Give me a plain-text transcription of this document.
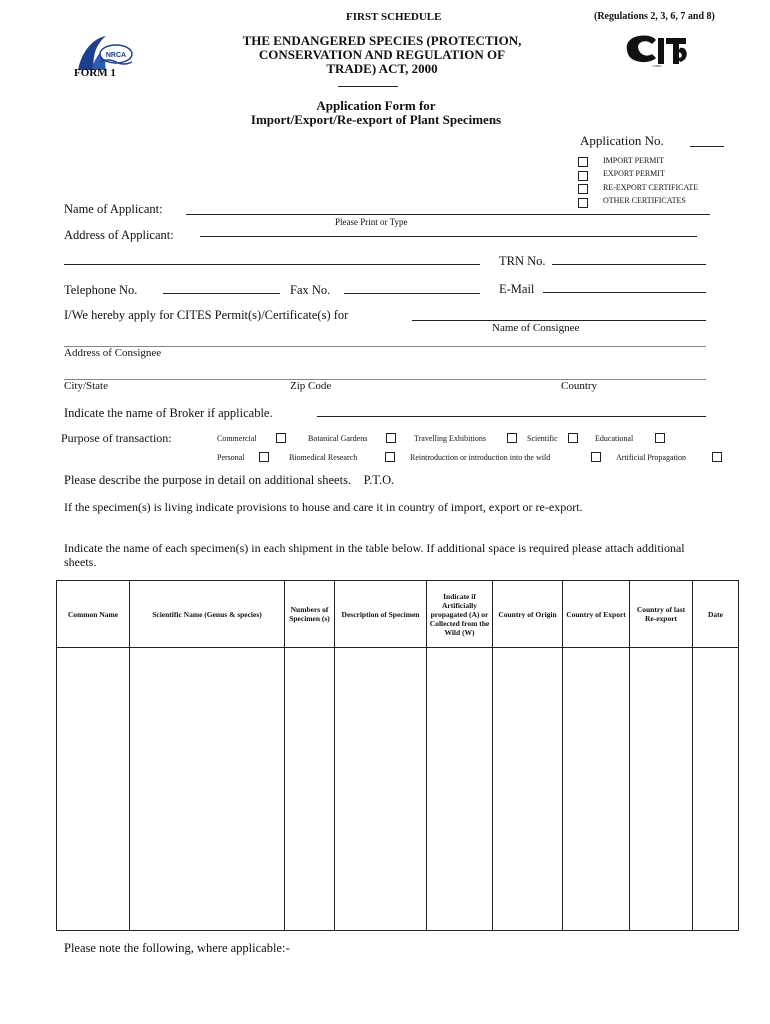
FIRST SCHEDULE	(Regulations 2, 3, 6, 7 and 8)
NRCA
FORM 1
THE ENDANGERED SPECIES (PROTECTION,
CONSERVATION AND REGULATION OF
TRADE) ACT, 2000	CITES
Application Form for
Import/Export/Re-export of Plant Specimens
Application No.
IMPORT PERMIT
EXPORT PERMIT
RE-EXPORT CERTIFICATE
OTHER CERTIFICATES
Name of Applicant:
Please Print or Type
Address of Applicant:
TRN No.
Telephone No.	Fax No.	E-Mail
I/We hereby apply for CITES Permit(s)/Certificate(s) for
Name of Consignee
Address of Consignee
City/State	Zip Code	Country
Indicate the name of Broker if applicable.
Purpose of transaction:	Commercial	Botanical Gardens	Travelling Exhibitions	Scientific	Educational
Personal	Biomedical Research	Reintroduction or introduction into the wild	Artificial Propagation
Please describe the purpose in detail on additional sheets.    P.T.O.
If the specimen(s) is living indicate provisions to house and care it in country of import, export or re-export.
Indicate the name of each specimen(s) in each shipment in the table below. If additional space is required please attach additional sheets.
Common Name	Scientific Name (Genus & species)	Numbers of Specimen (s)	Description of Specimen	Indicate if Artificially propagated (A) or Collected from the Wild (W)	Country of Origin	Country of Export	Country of last Re-export	Date

Please note the following, where applicable:-
